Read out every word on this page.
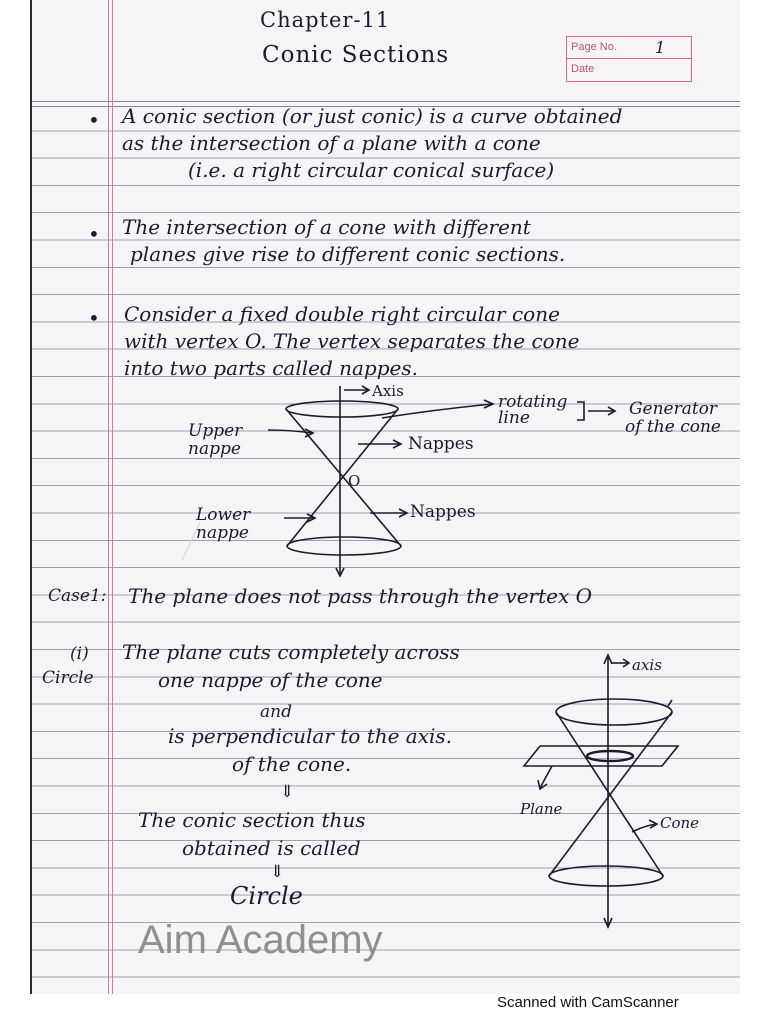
Chapter-11
Conic Sections	Page No. 1
Date
• A conic section (or just conic) is a curve obtained
as the intersection of a plane with a cone
(i.e. a right circular conical surface)
• The intersection of a cone with different
planes give rise to different conic sections.
• Consider a fixed double right circular cone
with vertex O. The vertex separates the cone
into two parts called nappes.
Axis
rotating line	Generator of the cone
Upper nappe	Nappes
O
Lower nappe
Nappes
Case1: The plane does not pass through the vertex O
(i)
Circle
The plane cuts completely across
one nappe of the cone
and
is perpendicular to the axis.
of the cone.
⇓
The conic section thus
obtained is called
⇓
Circle
axis
Plane
Cone
Aim Academy
Scanned with CamScanner
